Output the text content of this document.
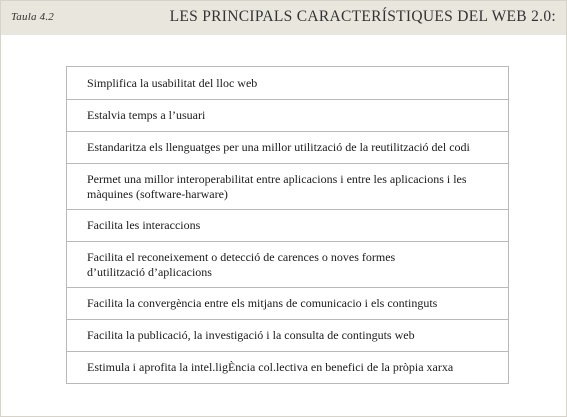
Taula 4.2	LES PRINCIPALS CARACTERÍSTIQUES DEL WEB 2.0:
Simplifica la usabilitat del lloc web
Estalvia temps a l’usuari
Estandaritza els llenguatges per una millor utilització de la reutilització del codi
Permet una millor interoperabilitat entre aplicacions i entre les aplicacions i les màquines (software-harware)
Facilita les interaccions
Facilita el reconeixement o detecció de carences o noves formes d’utilització d’aplicacions
Facilita la convergència entre els mitjans de comunicacio i els continguts
Facilita la publicació, la investigació i la consulta de continguts web
Estimula i aprofita la intel.ligÈncia col.lectiva en benefici de la pròpia xarxa
